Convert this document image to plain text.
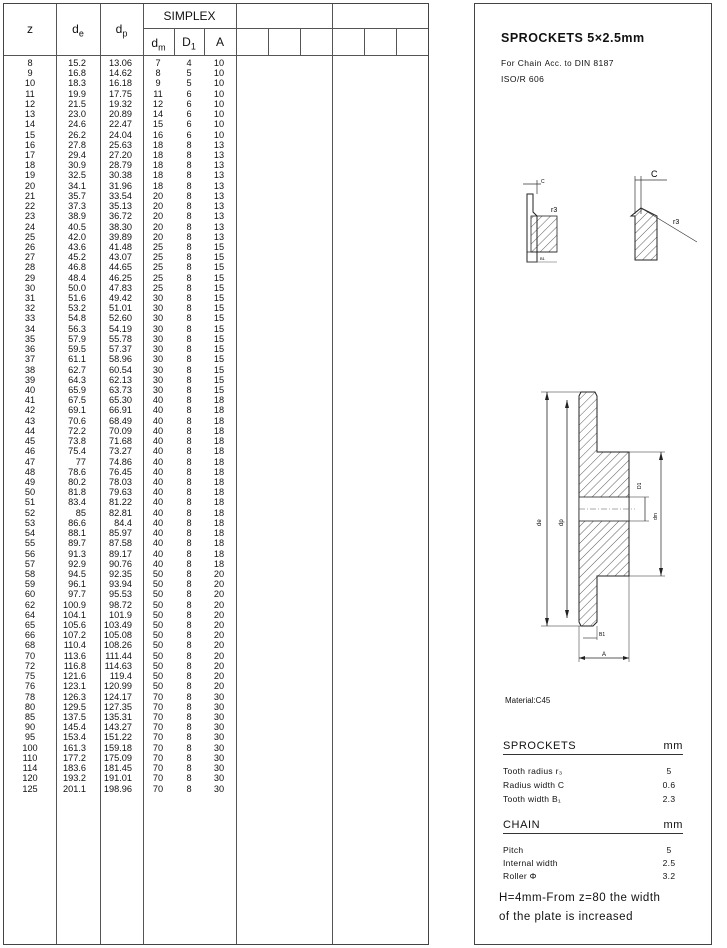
z	$d_e$	$d_p$
SIMPLEX
$d_m$	$D_1$	A
8	15.2	13.06	7	4	10
9	16.8	14.62	8	5	10
10	18.3	16.18	9	5	10
11	19.9	17.75	11	6	10
12	21.5	19.32	12	6	10
13	23.0	20.89	14	6	10
14	24.6	22.47	15	6	10
15	26.2	24.04	16	6	10
16	27.8	25.63	18	8	13
17	29.4	27.20	18	8	13
18	30.9	28.79	18	8	13
19	32.5	30.38	18	8	13
20	34.1	31.96	18	8	13
21	35.7	33.54	20	8	13
22	37.3	35.13	20	8	13
23	38.9	36.72	20	8	13
24	40.5	38.30	20	8	13
25	42.0	39.89	20	8	13
26	43.6	41.48	25	8	15
27	45.2	43.07	25	8	15
28	46.8	44.65	25	8	15
29	48.4	46.25	25	8	15
30	50.0	47.83	25	8	15
31	51.6	49.42	30	8	15
32	53.2	51.01	30	8	15
33	54.8	52.60	30	8	15
34	56.3	54.19	30	8	15
35	57.9	55.78	30	8	15
36	59.5	57.37	30	8	15
37	61.1	58.96	30	8	15
38	62.7	60.54	30	8	15
39	64.3	62.13	30	8	15
40	65.9	63.73	30	8	15
41	67.5	65.30	40	8	18
42	69.1	66.91	40	8	18
43	70.6	68.49	40	8	18
44	72.2	70.09	40	8	18
45	73.8	71.68	40	8	18
46	75.4	73.27	40	8	18
47	77	74.86	40	8	18
48	78.6	76.45	40	8	18
49	80.2	78.03	40	8	18
50	81.8	79.63	40	8	18
51	83.4	81.22	40	8	18
52	85	82.81	40	8	18
53	86.6	84.4	40	8	18
54	88.1	85.97	40	8	18
55	89.7	87.58	40	8	18
56	91.3	89.17	40	8	18
57	92.9	90.76	40	8	18
58	94.5	92.35	50	8	20
59	96.1	93.94	50	8	20
60	97.7	95.53	50	8	20
62	100.9	98.72	50	8	20
64	104.1	101.9	50	8	20
65	105.6	103.49	50	8	20
66	107.2	105.08	50	8	20
68	110.4	108.26	50	8	20
70	113.6	111.44	50	8	20
72	116.8	114.63	50	8	20
75	121.6	119.4	50	8	20
76	123.1	120.99	50	8	20
78	126.3	124.17	70	8	30
80	129.5	127.35	70	8	30
85	137.5	135.31	70	8	30
90	145.4	143.27	70	8	30
95	153.4	151.22	70	8	30
100	161.3	159.18	70	8	30
110	177.2	175.09	70	8	30
114	183.6	181.45	70	8	30
120	193.2	191.01	70	8	30
125	201.1	198.96	70	8	30
SPROCKETS 5×2.5mm
For Chain Acc. to DIN 8187
ISO/R 606
C
r3
B1
C
r3
de	dp
D1
dm
B1
A
Material:C45
SPROCKETS	mm
Tooth radius r₃	5
Radius width C	0.6
Tooth width B₁	2.3
CHAIN	mm
Pitch	5
Internal width	2.5
Roller Φ	3.2
H=4mm-From z=80 the width
of the plate is increased
